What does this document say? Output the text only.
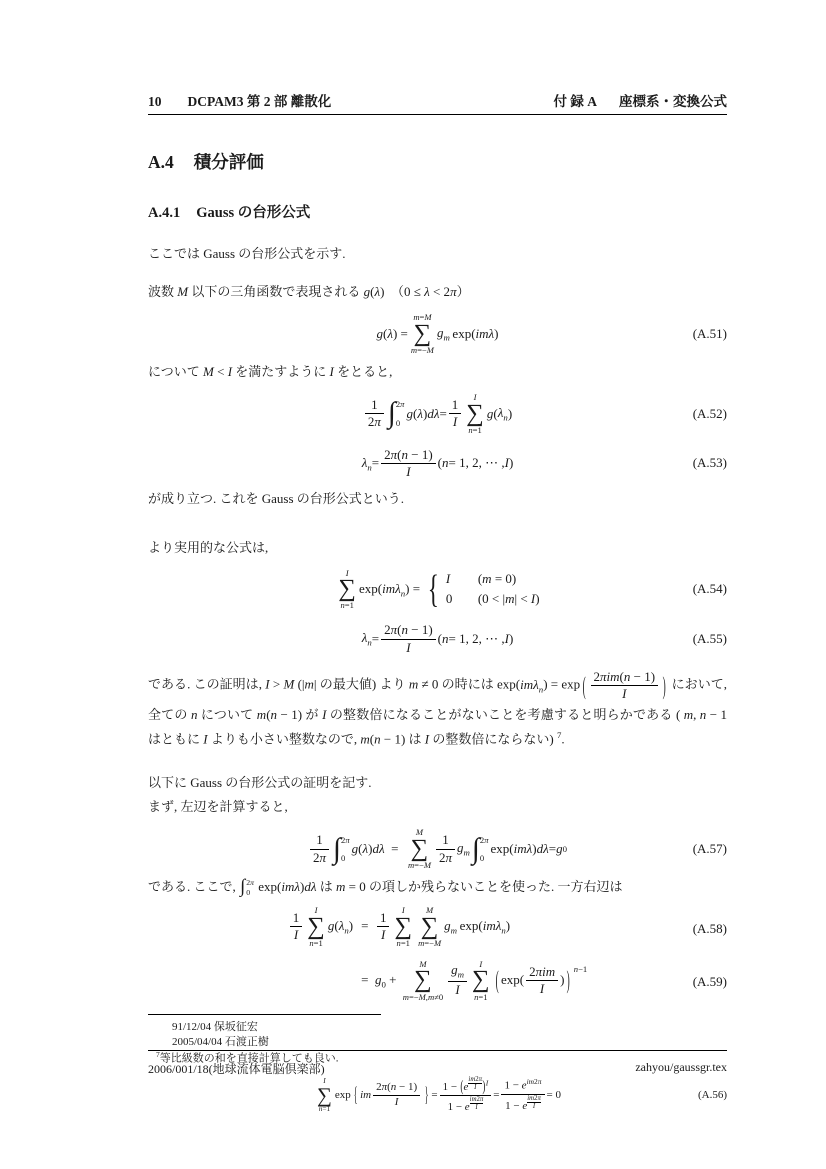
10 DCPAM3 第 2 部 離散化	付 録 A 座標系・変換公式
A.4 積分評価
A.4.1 Gauss の台形公式
ここでは Gauss の台形公式を示す.
波数 M 以下の三角函数で表現される g(λ)　（0 ≤ λ < 2π）
g ( λ ) =
m=M
∑
m=−M
$g_m$  exp( imλ )	(A.51)
について M < I を満たすように I をとると,
$\frac{1}{2\pi}$ ∫ 2π
0
g ( λ ) $d\lambda = \frac{1}{I}$
I
∑
n=1
g ( $\lambda_n$ )	(A.52)
$\lambda_n = \frac{2\pi(n - 1)}{I}$ ( n = 1, 2, ⋯ , I )	(A.53)
が成り立つ. これを Gauss の台形公式という.
より実用的な公式は,
I
∑
n=1
exp( imλ$_n$ ) = { I	(m = 0)
0	(0 < |m| < I)
(A.54)
$\lambda_n = \frac{2\pi(n - 1)}{I}$ ( n = 1, 2, ⋯ , I )	(A.55)
である. この証明は, I > M (|m| の最大値) より m ≠ 0 の時には exp(imλ$_n$) = exp ( $\frac{\text{2πim(n − 1)}}{I}$ ) において, 全ての n について m(n − 1) が I の整数倍になることがないことを考慮すると明らかである ( m, n − 1 はともに I よりも小さい整数なので, m(n − 1) は I の整数倍にならない) $^7$.
以下に Gauss の台形公式の証明を記す.
まず, 左辺を計算すると,
$\frac{1}{2\pi}$ ∫ 2π
0
g ( λ ) dλ =
M
∑
$m=-M \frac{1}{2\pi} g_m$ ∫ 2π
0
exp( imλ ) dλ = g 0	(A.57)
である. ここで, ∫ 2π
0 exp(imλ)dλ は m = 0 の項しか残らないことを使った. 一方右辺は
$\frac{1}{I}$
I
∑
n=1
$g(\lambda_n) = \frac{1}{I}$
I
∑
n=1
M
∑
m=−M
$g_m$ exp(imλ$_n$)
=  $g_0$ +
M
∑
$m=-M,m\ne 0 \frac{g_m}{I}$ I
∑
n=1
( $\exp( \frac{\text{2πim}}{I}$ ) ) n−1
(A.58)
(A.59)
91/12/04 保坂征宏
2005/04/04 石渡正樹
$^7$等比級数の和を直接計算しても良い.
I
∑
n=1
exp { im $\frac{2\pi(n - 1)}{I}$ } = 1 − (e $^{\frac{im2\pi}{I}}$ )$^I$
1 − e $^{\frac{im2\pi}{I}} = 1 - e^{im2\pi}$
1 − e $^{\frac{im2\pi}{I}}$ = 0	(A.56)
2006/001/18(地球流体電脳倶楽部)	zahyou/gaussgr.tex
